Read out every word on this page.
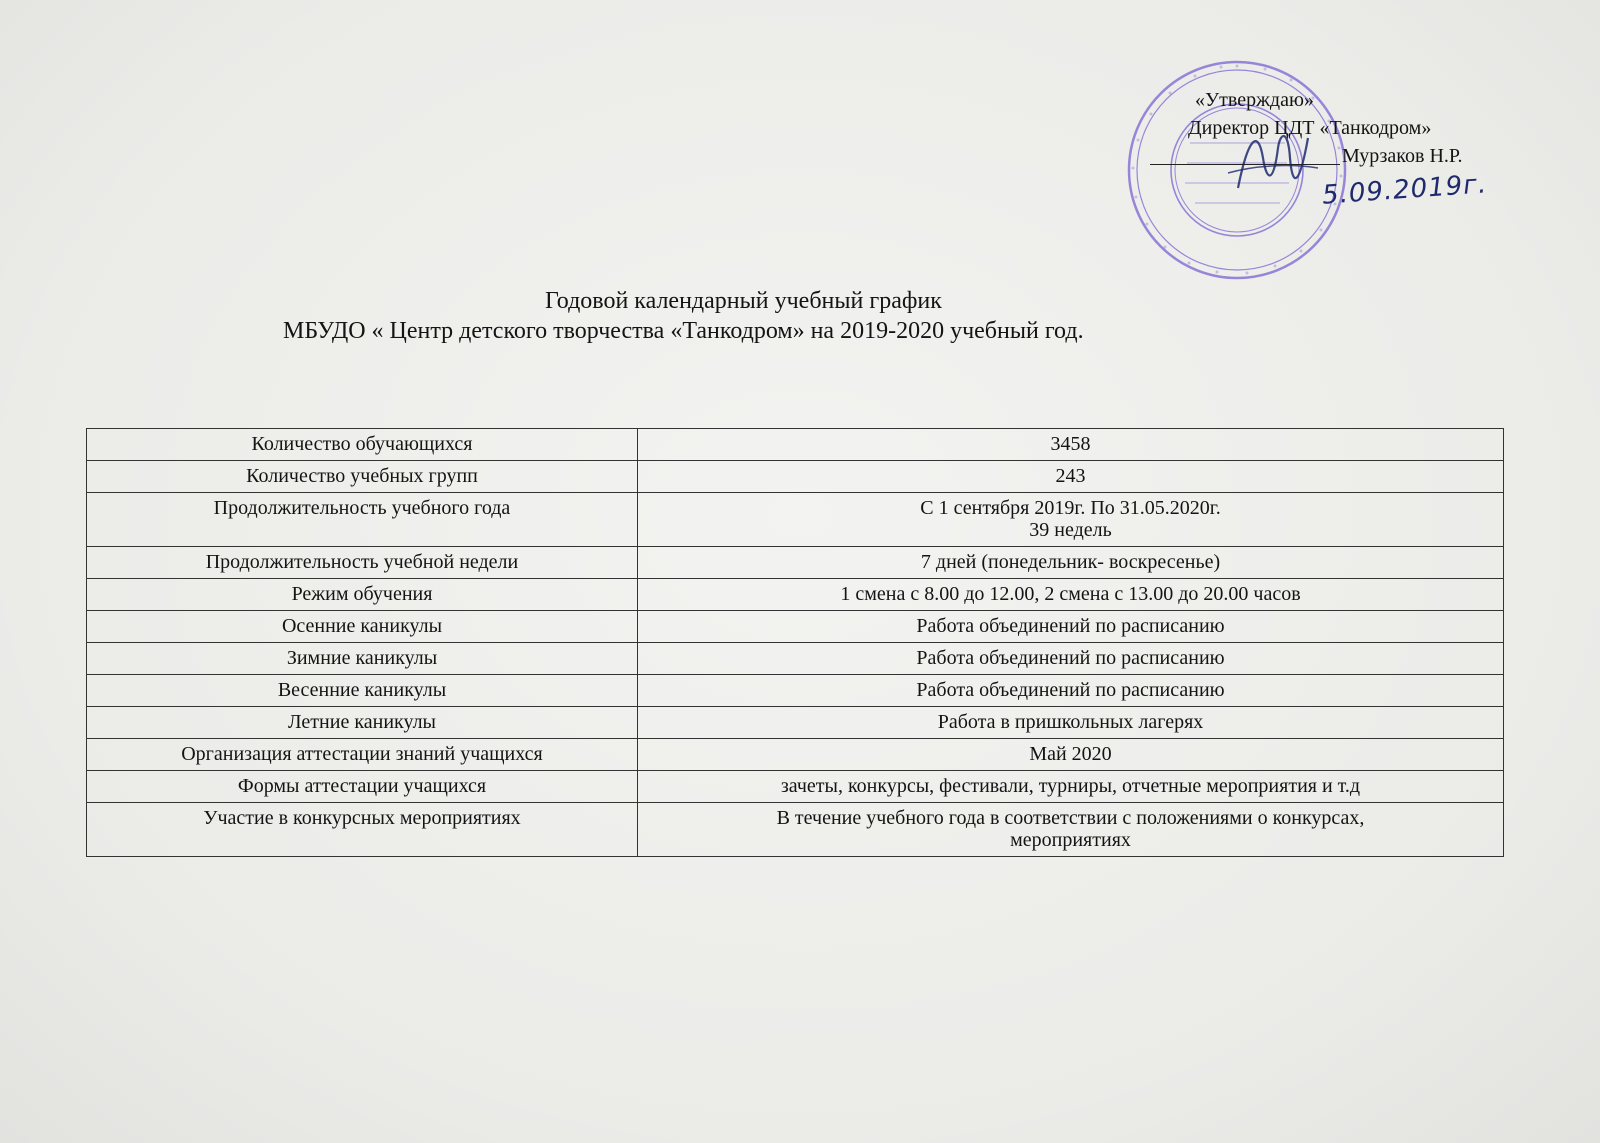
«Утверждаю»
Директор ЦДТ «Танкодром»
Мурзаков Н.Р.
5.09.2019г.
Годовой календарный учебный график
МБУДО « Центр детского творчества «Танкодром» на 2019-2020 учебный год.
Количество обучающихся	3458
Количество учебных групп	243
Продолжительность учебного года	С 1 сентября 2019г. По 31.05.2020г.
39 недель

Продолжительность учебной недели	7 дней (понедельник- воскресенье)
Режим обучения	1 смена с 8.00 до 12.00, 2 смена с 13.00 до 20.00 часов
Осенние каникулы	Работа объединений по расписанию
Зимние каникулы	Работа объединений по расписанию
Весенние каникулы	Работа объединений по расписанию
Летние каникулы	Работа в пришкольных лагерях
Организация аттестации знаний учащихся	Май 2020
Формы аттестации учащихся	зачеты, конкурсы, фестивали, турниры, отчетные мероприятия и т.д
Участие в конкурсных мероприятиях	В течение учебного года в соответствии с положениями о конкурсах,
мероприятиях
